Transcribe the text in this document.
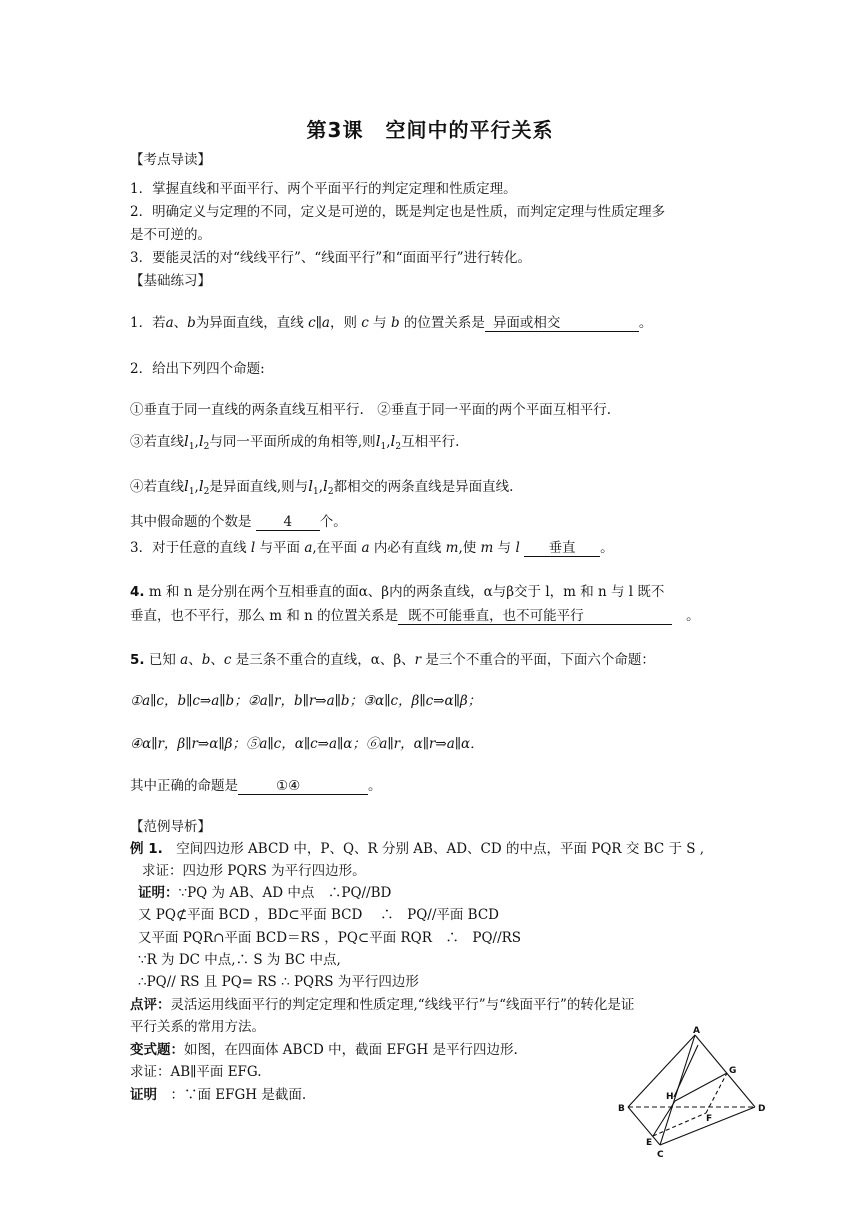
第3课 空间中的平行关系
【考点导读】
1．掌握直线和平面平行、两个平面平行的判定定理和性质定理。
2．明确定义与定理的不同，定义是可逆的，既是判定也是性质，而判定定理与性质定理多
是不可逆的。
3．要能灵活的对“线线平行”、“线面平行”和“面面平行”进行转化。
【基础练习】
1．若a、b为异面直线，直线 c∥a，则 c 与 b 的位置关系是 异面或相交	。
2．给出下列四个命题:
①垂直于同一直线的两条直线互相平行.　②垂直于同一平面的两个平面互相平行.
③若直线$l_1,l_2$与同一平面所成的角相等,则$l_1,l_2$互相平行.
④若直线$l_1,l_2$是异面直线,则与$l_1,l_2$都相交的两条直线是异面直线.
其中假命题的个数是 4 个。
3．对于任意的直线 l 与平面 a,在平面 a 内必有直线 m,使 m 与 l 垂直 。
4. m 和 n 是分别在两个互相垂直的面α、β内的两条直线，α与β交于 l，m 和 n 与 l 既不
垂直，也不平行，那么 m 和 n 的位置关系是 既不可能垂直，也不可能平行	。
5. 已知 a、b、c 是三条不重合的直线，α、β、r 是三个不重合的平面，下面六个命题：
①a∥c，b∥c⇒a∥b；②a∥r，b∥r⇒a∥b；③α∥c，β∥c⇒α∥β；
④α∥r，β∥r⇒α∥β；⑤a∥c，α∥c⇒a∥α；⑥a∥r，α∥r⇒a∥α．
其中正确的命题是	①④	。
【范例导析】
例 1.　空间四边形 ABCD 中，P、Q、R 分别 AB、AD、CD 的中点，平面 PQR 交 BC 于 S ,
求证：四边形 PQRS 为平行四边形。
证明：∵PQ 为 AB、AD 中点　∴PQ//BD
又 PQ⊄平面 BCD ，BD⊂平面 BCD　 ∴　PQ//平面 BCD
又平面 PQR∩平面 BCD＝RS ，PQ⊂平面 RQR　∴　PQ//RS
∵R 为 DC 中点,∴ S 为 BC 中点,
∴PQ// RS 且 PQ= RS ∴ PQRS 为平行四边形
点评：灵活运用线面平行的判定定理和性质定理,“线线平行”与“线面平行”的转化是证
平行关系的常用方法。
变式题：如图，在四面体 ABCD 中，截面 EFGH 是平行四边形.
求证：AB∥平面 EFG.
证明　：∵面 EFGH 是截面.
A
B
C
D
E
F
G
H
